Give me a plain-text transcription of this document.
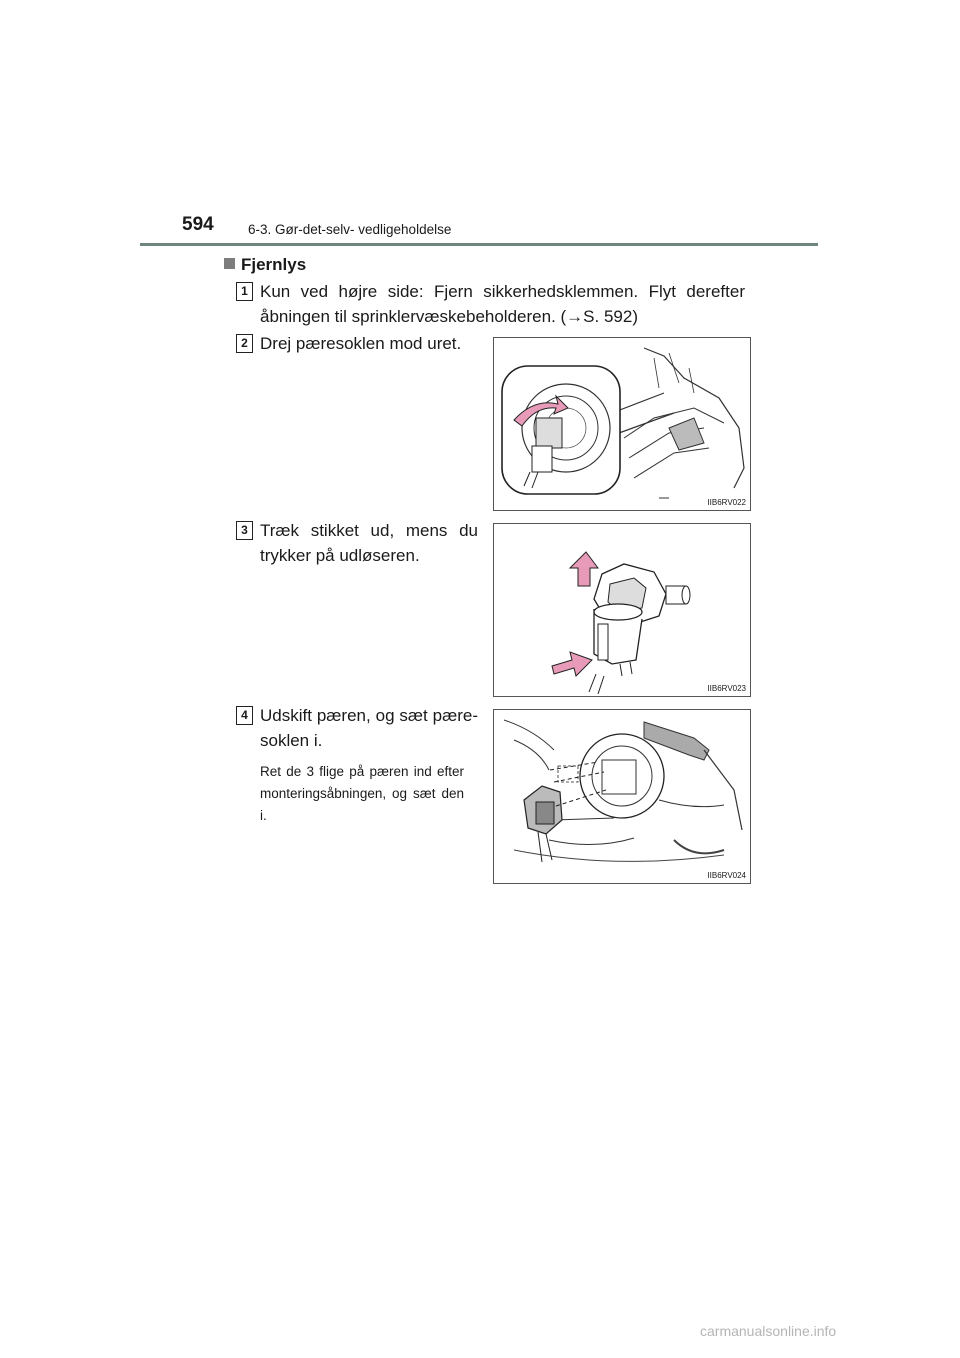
594	6-3. Gør-det-selv- vedligeholdelse
Fjernlys
1 Kun ved højre side: Fjern sikkerhedsklemmen. Flyt derefter åbningen til sprinklervæskebeholderen. (→S. 592)
2 Drej pæresoklen mod uret.
IIB6RV022
3 Træk stikket ud, mens du trykker på udløseren.
IIB6RV023
4 Udskift pæren, og sæt pære-soklen i.
Ret de 3 flige på pæren ind efter monteringsåbningen, og sæt den i.
IIB6RV024
carmanualsonline.info
